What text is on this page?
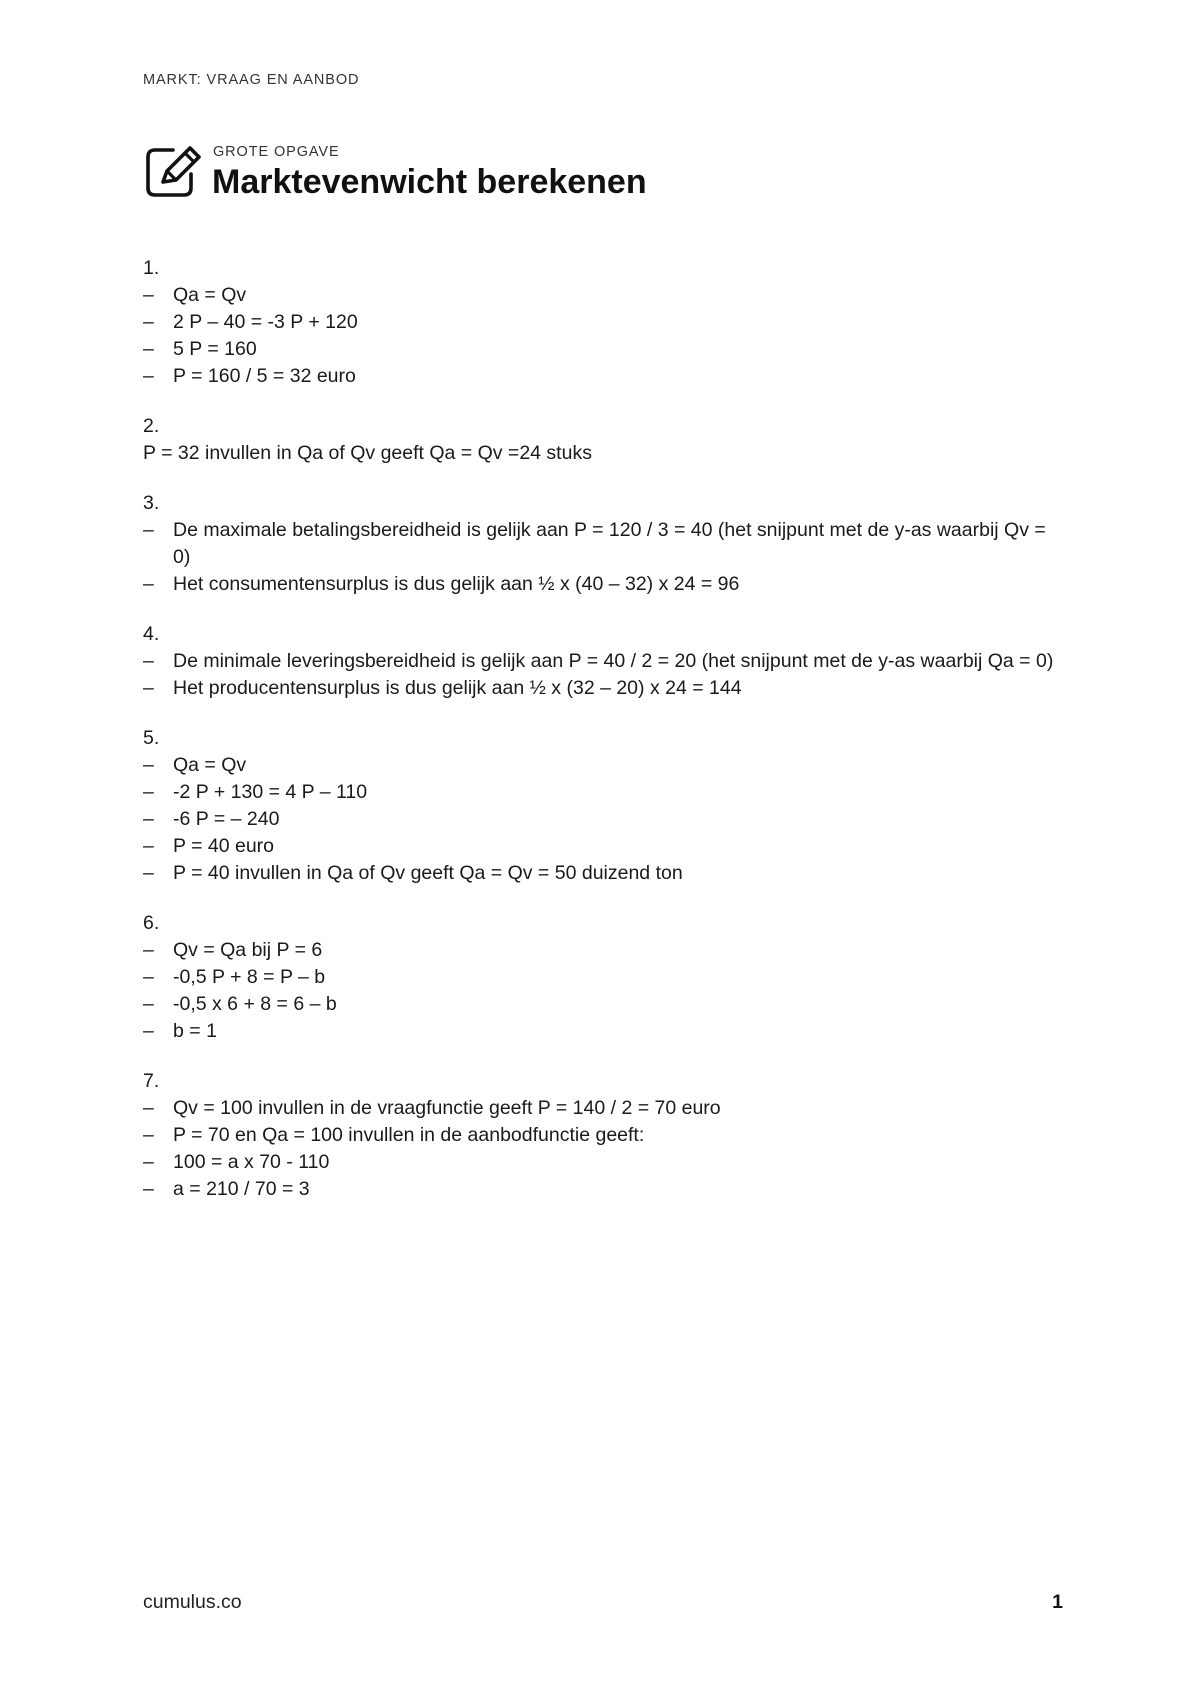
MARKT: VRAAG EN AANBOD
GROTE OPGAVE
Marktevenwicht berekenen
1.
– Qa = Qv
– 2 P – 40 = -3 P + 120
– 5 P = 160
– P = 160 / 5 = 32 euro
2.
P = 32 invullen in Qa of Qv geeft Qa = Qv =24 stuks
3.
– De maximale betalingsbereidheid is gelijk aan P = 120 / 3 = 40 (het snijpunt met de y-as waarbij Qv = 0)
– Het consumentensurplus is dus gelijk aan ½ x (40 – 32) x 24 = 96
4.
– De minimale leveringsbereidheid is gelijk aan P = 40 / 2 = 20 (het snijpunt met de y-as waarbij Qa = 0)
– Het producentensurplus is dus gelijk aan ½ x (32 – 20) x 24 = 144
5.
– Qa = Qv
– -2 P + 130 = 4 P – 110
– -6 P = – 240
– P = 40 euro
– P = 40 invullen in Qa of Qv geeft Qa = Qv = 50 duizend ton
6.
– Qv = Qa bij P = 6
– -0,5 P + 8 = P – b
– -0,5 x 6 + 8 = 6 – b
– b = 1
7.
– Qv = 100 invullen in de vraagfunctie geeft P = 140 / 2 = 70 euro
– P = 70 en Qa = 100 invullen in de aanbodfunctie geeft:
– 100 = a x 70 - 110
– a = 210 / 70 = 3
cumulus.co	1
